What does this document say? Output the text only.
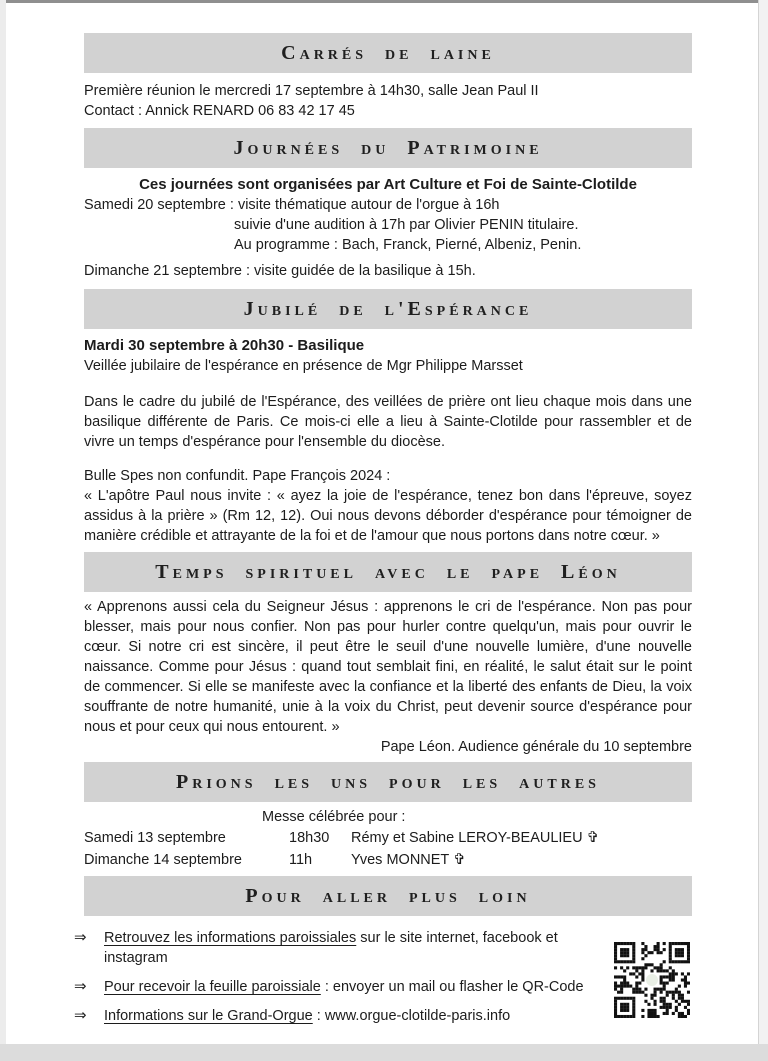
Carrés de laine

Première réunion le mercredi 17 septembre à 14h30, salle Jean Paul II

Contact : Annick RENARD 06 83 42 17 45

Journées du Patrimoine

Ces journées sont organisées par Art Culture et Foi de Sainte-Clotilde

Samedi 20 septembre : visite thématique autour de l'orgue à 16h

suivie d'une audition à 17h par Olivier PENIN titulaire.

Au programme : Bach, Franck, Pierné, Albeniz, Penin.

Dimanche 21 septembre : visite guidée de la basilique à 15h.

Jubilé de l'Espérance

Mardi 30 septembre à 20h30 - Basilique

Veillée jubilaire de l'espérance en présence de Mgr Philippe Marsset

Dans le cadre du jubilé de l'Espérance, des veillées de prière ont lieu chaque mois dans une basilique différente de Paris. Ce mois-ci elle a lieu à Sainte-Clotilde pour rassembler et de vivre un temps d'espérance pour l'ensemble du diocèse.

Bulle Spes non confundit. Pape François 2024 :

« L'apôtre Paul nous invite : « ayez la joie de l'espérance, tenez bon dans l'épreuve, soyez assidus à la prière » (Rm 12, 12). Oui nous devons déborder d'espérance pour témoigner de manière crédible et attrayante de la foi et de l'amour que nous portons dans notre cœur. »

Temps spirituel avec le pape Léon

« Apprenons aussi cela du Seigneur Jésus : apprenons le cri de l'espérance. Non pas pour blesser, mais pour nous confier. Non pas pour hurler contre quelqu'un, mais pour ouvrir le cœur. Si notre cri est sincère, il peut être le seuil d'une nouvelle lumière, d'une nouvelle naissance. Comme pour Jésus : quand tout semblait fini, en réalité, le salut était sur le point de commencer. Si elle se manifeste avec la confiance et la liberté des enfants de Dieu, la voix souffrante de notre humanité, unie à la voix du Christ, peut devenir source d'espérance pour nous et pour ceux qui nous entourent. »

Pape Léon. Audience générale du 10 septembre

Prions les uns pour les autres

Messe célébrée pour :

Samedi 13 septembre	18h30	Rémy et Sabine LEROY-BEAULIEU ✞
Dimanche 14 septembre	11h	Yves MONNET ✞
Pour aller plus loin
⇒	Retrouvez les informations paroissiales sur le site internet, facebook et instagram
⇒	Pour recevoir la feuille paroissiale : envoyer un mail ou flasher le QR-Code
⇒	Informations sur le Grand-Orgue : www.orgue-clotilde-paris.info
